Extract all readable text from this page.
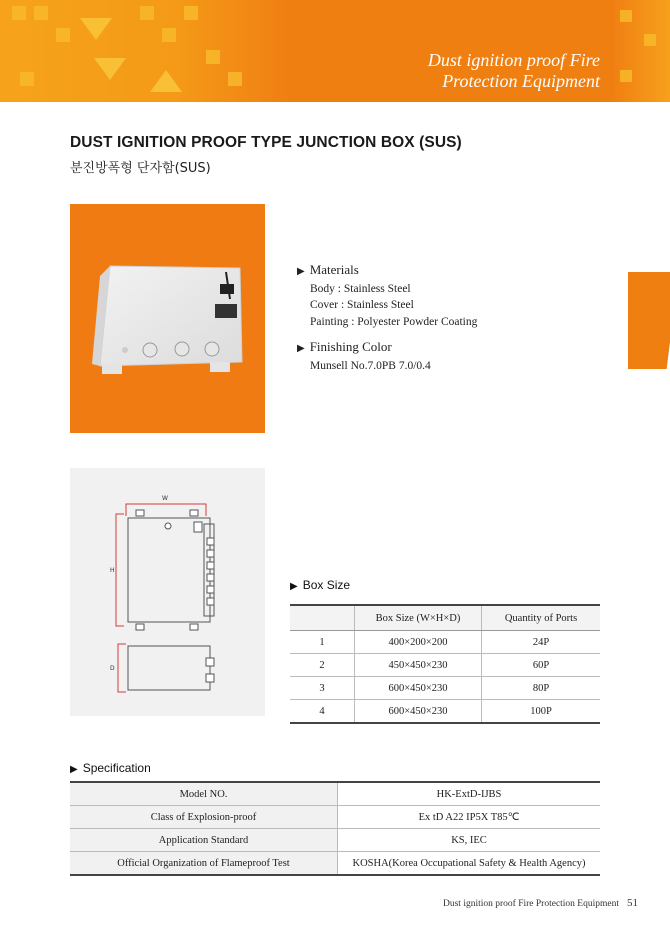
Dust ignition proof Fire
Protection Equipment
DUST IGNITION PROOF TYPE JUNCTION BOX (SUS)
분진방폭형 단자함(SUS)
▶ Materials
Body : Stainless Steel
Cover : Stainless Steel
Painting : Polyester Powder Coating
▶ Finishing Color
Munsell No.7.0PB 7.0/0.4
W
H
D
▶ Box Size
	Box Size (W×H×D)	Quantity of Ports
1	400×200×200	24P
2	450×450×230	60P
3	600×450×230	80P
4	600×450×230	100P
▶ Specification
Model NO.	HK-ExtD-IJBS
Class of Explosion-proof	Ex tD A22 IP5X T85℃
Application Standard	KS, IEC
Official Organization of Flameproof Test	KOSHA(Korea Occupational Safety & Health Agency)
Dust ignition proof Fire Protection Equipment 51
